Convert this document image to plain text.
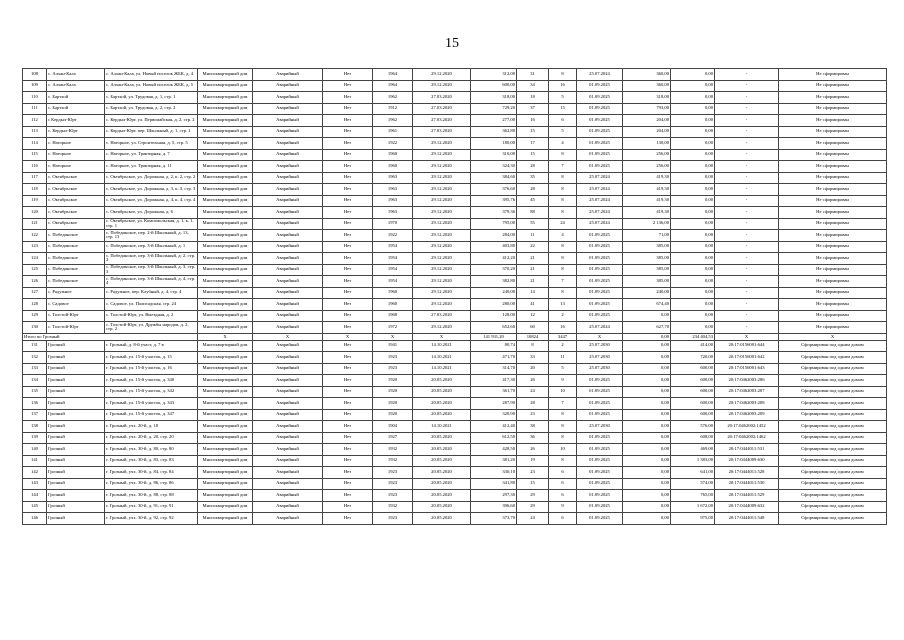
15
108	с. Алхан-Кала	с. Алхан-Кала, ул. Новый поселок ЖБК, д. 4	Многоквартирный дом	Аварийный	Нет	1964	29.12.2020	312,00	31	8	25.07.2024	360,00	0,00	-	Не сформирован
109	с. Алхан-Кала	с. Алхан-Кала, ул. Новый поселок ЖБК, д. 5	Многоквартирный дом	Аварийный	Нет	1964	29.12.2020	600,00	34	16	01.09.2025	360,00	0,00	-	Не сформирован
110	с. Бартхой	с. Бартхой, ул. Трудовая, д. 1, стр. 1	Многоквартирный дом	Аварийный	Нет	1962	27.03.2020	318,00	18	5	01.09.2025	318,00	0,00	-	Не сформирован
111	с. Бартхой	с. Бартхой, ул. Трудовая, д. 2, стр. 2	Многоквартирный дом	Аварийный	Нет	1912	27.03.2020	729,20	37	15	01.09.2025	793,00	0,00	-	Не сформирован
112	с Кердыл-Юрт	с. Кердыл-Юрт, ул. Первомайская, д. 2, стр. 2	Многоквартирный дом	Аварийный	Нет	1962	27.03.2020	277,00	16	6	01.09.2025	204,00	0,00	-	Не сформирован
113	с. Кердыл-Юрт	с. Кердыл-Юрт, пер. Школьный, д. 1, стр. 1	Многоквартирный дом	Аварийный	Нет	1961	27.03.2020	362,80	15	5	01.09.2025	204,00	0,00	-	Не сформирован
114	с. Наторное	с. Наторное, ул. Строительная, д. 5, стр. 5	Многоквартирный дом	Аварийный	Нет	1922	29.12.2020	180,00	17	4	01.09.2025	130,00	0,00	-	Не сформирован
115	с. Наторное	с. Наторное, ул. Трактирная, д. 7	Многоквартирный дом	Аварийный	Нет	1960	29.12.2020	310,00	15	8	01.09.2025	256,00	0,00	-	Не сформирован
116	с. Наторное	с. Наторное, ул. Трактирная, д. 11	Многоквартирный дом	Аварийный	Нет	1960	29.12.2020	324,30	28	7	01.09.2025	256,00	0,00	-	Не сформирован
117	с. Октябрьское	с. Октябрьское, ул. Дорожная, д. 2, к. 2, стр. 2	Многоквартирный дом	Аварийный	Нет	1963	29.12.2020	384,60	35	8	25.07.2024	419,30	0,00	-	Не сформирован
118	с. Октябрьское	с. Октябрьское, ул. Дорожная, д. 3, к. 3, стр. 3	Многоквартирный дом	Аварийный	Нет	1963	29.12.2020	376,60	28	8	25.07.2024	419,30	0,00	-	Не сформирован
119	с. Октябрьское	с. Октябрьское, ул. Дорожная, д. 4, к. 4, стр. 4	Многоквартирный дом	Аварийный	Нет	1963	29.12.2020	395,76	45	8	25.07.2024	419,30	0,00	-	Не сформирован
120	с. Октябрьское	с. Октябрьское, ул. Дорожная, д. 6	Многоквартирный дом	Аварийный	Нет	1963	29.12.2020	379,36	88	8	25.07.2024	419,30	0,00	-	Не сформирован
121	с. Октябрьское	с. Октябрьское, ул. Комсомольская, д. 1, к. 1, стр. 1	Многоквартирный дом	Аварийный	Нет	1970	29.12.2020	795,00	55	24	25.07.2024	2 136,00	0,00	-	Не сформирован
122	с. Побединское	с. Побединское, пер. 2-й Школьный, д. 13, стр. 13	Многоквартирный дом	Аварийный	Нет	1922	29.12.2020	284,00	11	4	01.09.2025	71,00	0,00	-	Не сформирован
123	с. Побединское	с. Побединское, пер. 3-й Школьный, д. 1	Многоквартирный дом	Аварийный	Нет	1954	29.12.2020	403,80	22	8	01.09.2025	385,00	0,00	-	Не сформирован
124	с. Побединское	с. Побединское, пер. 3-й Школьный, д. 2, стр. 2	Многоквартирный дом	Аварийный	Нет	1954	29.12.2020	412,20	21	8	01.09.2025	385,00	0,00	-	Не сформирован
125	с. Побединское	с. Побединское, пер. 3-й Школьный, д. 3, стр. 3	Многоквартирный дом	Аварийный	Нет	1954	29.12.2020	370,20	21	8	01.09.2025	385,00	0,00	-	Не сформирован
126	с. Побединское	с. Побединское, пер. 3-й Школьный, д. 4, стр. 4	Многоквартирный дом	Аварийный	Нет	1954	29.12.2020	382,80	21	7	01.09.2025	385,00	0,00	-	Не сформирован
127	с. Радужное	с. Радужное, пер. Клубный, д. 4, стр. 4	Многоквартирный дом	Аварийный	Нет	1960	29.12.2020	240,00	14	8	01.09.2025	240,00	0,00	-	Не сформирован
128	с. Садовое	с. Садовое, ул. Палисадская, стр. 24	Многоквартирный дом	Аварийный	Нет	1960	29.12.2020	280,00	41	13	01.09.2025	674,40	0,00	-	Не сформирован
129	с. Толстой-Юрт	с. Толстой-Юрт, ул. Выездная, д. 2	Многоквартирный дом	Аварийный	Нет	1968	27.03.2020	128,00	12	2	01.09.2025	0,00	0,00	-	Не сформирован
130	с. Толстой-Юрт	с. Толстой-Юрт, ул. Дружбы народов, д. 2, стр. 2	Многоквартирный дом	Аварийный	Нет	1972	29.12.2020	652,60	60	16	25.07.2024	627,70	0,00	-	Не сформирован
Итого по Грозный			X	X	X	X	X	141 931,20	10824	3447	X	0,00	234 404,53	X	X
131	Грозный	г. Грозный, д. 8-й участ, д. 7 в	Многоквартирный дом	Аварийный	Нет	1941	14.10.2021	80,74	8	2	25.07.2030	0,00	414,00	20:17:0156001:644	Сформирован под одним домом
132	Грозный	г. Грозный, ул. 15-й участок, д. 15	Многоквартирный дом	Аварийный	Нет	1923	14.10.2021	471,70	33	11	25.07.2030	0,00	720,00	20:17:0156001:642	Сформирован под одним домом
133	Грозный	г. Грозный, ул. 15-й участок, д. 16	Многоквартирный дом	Аварийный	Нет	1923	14.10.2021	314,70	20	5	25.07.2030	0,00	600,00	20:17:0156001:643	Сформирован под одним домом
134	Грозный	г. Грозный, ул. 15-й участок, д. 340	Многоквартирный дом	Аварийный	Нет	1920	20.05.2020	417,30	26	9	01.09.2025	0,00	600,00	20:17:0462003:286	Сформирован под одним домом
135	Грозный	г. Грозный, ул. 15-й участок, д. 342	Многоквартирный дом	Аварийный	Нет	1920	20.05.2020	361,70	24	10	01.09.2025	0,00	600,00	20:17:0462003:207	Сформирован под одним домом
136	Грозный	г. Грозный, ул. 15-й участок, д. 343	Многоквартирный дом	Аварийный	Нет	1920	20.05.2020	287,90	28	7	01.09.2025	0,00	600,00	20:17:0462003:208	Сформирован под одним домом
137	Грозный	г. Грозный, ул. 15-й участок, д. 347	Многоквартирный дом	Аварийный	Нет	1920	20.05.2020	320,90	23	8	01.09.2025	0,00	600,00	20:17:0462003:209	Сформирован под одним домом
138	Грозный	г. Грозный, учх. 20-й, д. 18	Многоквартирный дом	Аварийный	Нет	1904	14.10.2021	412,40	38	8	25.07.2030	0,00	576,00	20:17:0462002:1452	Сформирован под одним домом
139	Грозный	г. Грозный, учх. 20-й, д. 20, стр. 20	Многоквартирный дом	Аварийный	Нет	1927	20.05.2020	612,50	36	8	01.09.2025	0,00	608,00	20:17:0462002:1462	Сформирован под одним домом
140	Грозный	г. Грозный, учх. 30-й, д. 80, стр. 80	Многоквартирный дом	Аварийный	Нет	1932	20.05.2020	428,50	26	10	01.09.2025	0,00	469,00	20:17:0444011:531	Сформирован под одним домом
141	Грозный	г. Грозный, учх. 30-й, д. 83, стр. 83	Многоквартирный дом	Аварийный	Нет	1932	20.05.2020	381,20	19	8	01.09.2025	0,00	1 383,00	20:17:0444009:630	Сформирован под одним домом
142	Грозный	г. Грозный, учх. 30-й, д. 84, стр. 84	Многоквартирный дом	Аварийный	Нет	1923	20.05.2020	330,10	23	6	01.09.2025	0,00	641,00	20:17:0444011:528	Сформирован под одним домом
143	Грозный	г. Грозный, учх. 30-й, д. 86, стр. 86	Многоквартирный дом	Аварийный	Нет	1923	20.05.2020	341,80	15	6	01.09.2025	0,00	574,00	20:17:0444011:530	Сформирован под одним домом
144	Грозный	г. Грозный, учх. 30-й, д. 88, стр. 88	Многоквартирный дом	Аварийный	Нет	1923	20.05.2020	297,30	29	6	01.09.2025	0,00	765,00	20:17:0444011:529	Сформирован под одним домом
145	Грозный	г. Грозный, учх. 30-й, д. 91, стр. 91	Многоквартирный дом	Аварийный	Нет	1932	20.05.2020	396,60	29	9	01.09.2025	0,00	1 672,00	20:17:0444009:632	Сформирован под одним домом
146	Грозный	г. Грозный, учх. 30-й, д. 92, стр. 92	Многоквартирный дом	Аварийный	Нет	1923	20.05.2020	373,70	24	6	01.09.2025	0,00	975,00	20:17:0444011:548	Сформирован под одним домом
